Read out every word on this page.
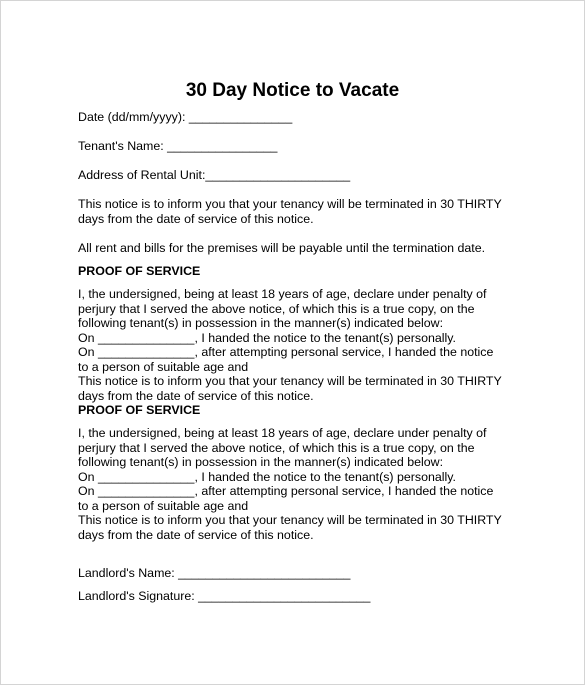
30 Day Notice to Vacate
Date (dd/mm/yyyy): _______________
Tenant's Name: ________________
Address of Rental Unit:_____________________
This notice is to inform you that your tenancy will be terminated in 30 THIRTY
days from the date of service of this notice.
All rent and bills for the premises will be payable until the termination date.
PROOF OF SERVICE
I, the undersigned, being at least 18 years of age, declare under penalty of
perjury that I served the above notice, of which this is a true copy, on the
following tenant(s) in possession in the manner(s) indicated below:
On ______________, I handed the notice to the tenant(s) personally.
On ______________, after attempting personal service, I handed the notice
to a person of suitable age and
This notice is to inform you that your tenancy will be terminated in 30 THIRTY
days from the date of service of this notice.
PROOF OF SERVICE
I, the undersigned, being at least 18 years of age, declare under penalty of
perjury that I served the above notice, of which this is a true copy, on the
following tenant(s) in possession in the manner(s) indicated below:
On ______________, I handed the notice to the tenant(s) personally.
On ______________, after attempting personal service, I handed the notice
to a person of suitable age and
This notice is to inform you that your tenancy will be terminated in 30 THIRTY
days from the date of service of this notice.
Landlord's Name: _________________________
Landlord's Signature: _________________________
